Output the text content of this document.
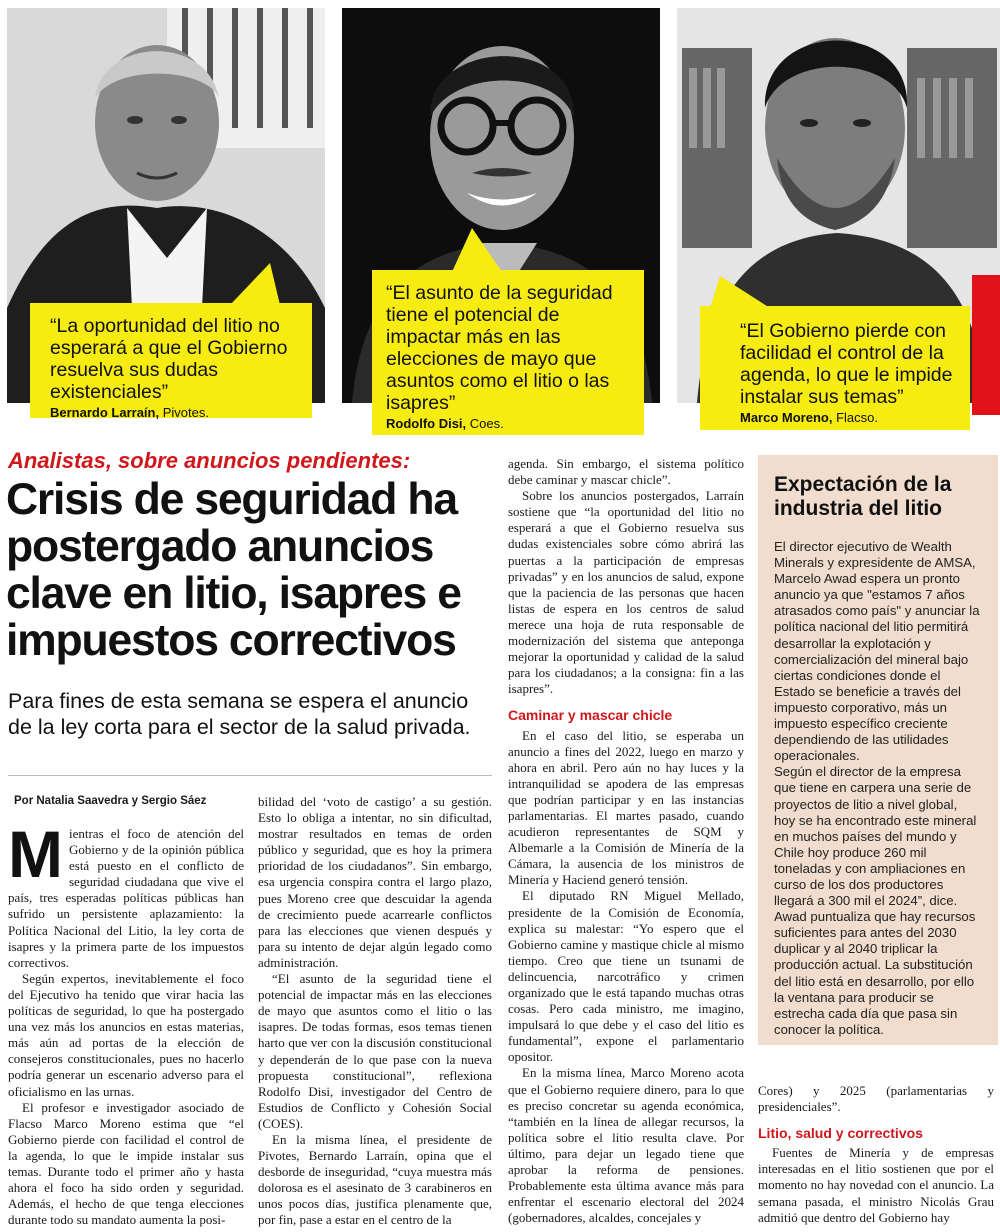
“La oportunidad del litio no esperará a que el Gobierno resuelva sus dudas existenciales”
Bernardo Larraín, Pivotes.
“El asunto de la seguridad tiene el potencial de impactar más en las elecciones de mayo que asuntos como el litio o las isapres”
Rodolfo Disi, Coes.
“El Gobierno pierde con facilidad el control de la agenda, lo que le impide instalar sus temas”
Marco Moreno, Flacso.
Analistas, sobre anuncios pendientes:
Crisis de seguridad ha postergado anuncios clave en litio, isapres e impuestos correctivos
Para fines de esta semana se espera el anuncio de la ley corta para el sector de la salud privada.
Por Natalia Saavedra y Sergio Sáez

Mientras el foco de atención del Gobierno y de la opinión pública está puesto en el conflicto de seguridad ciudadana que vive el país, tres esperadas políticas públicas han sufrido un persistente aplazamiento: la Política Nacional del Litio, la ley corta de isapres y la primera parte de los impuestos correctivos.

Según expertos, inevitablemente el foco del Ejecutivo ha tenido que virar hacia las políticas de seguridad, lo que ha postergado una vez más los anuncios en estas materias, más aún ad portas de la elección de consejeros constitucionales, pues no hacerlo podría generar un escenario adverso para el oficialismo en las urnas.

El profesor e investigador asociado de Flacso Marco Moreno estima que “el Gobierno pierde con facilidad el control de la agenda, lo que le impide instalar sus temas. Durante todo el primer año y hasta ahora el foco ha sido orden y seguridad. Además, el hecho de que tenga elecciones durante todo su mandato aumenta la posi-

bilidad del ‘voto de castigo’ a su gestión. Esto lo obliga a intentar, no sin dificultad, mostrar resultados en temas de orden público y seguridad, que es hoy la primera prioridad de los ciudadanos”. Sin embargo, esa urgencia conspira contra el largo plazo, pues Moreno cree que descuidar la agenda de crecimiento puede acarrearle conflictos para las elecciones que vienen después y para su intento de dejar algún legado como administración.

“El asunto de la seguridad tiene el potencial de impactar más en las elecciones de mayo que asuntos como el litio o las isapres. De todas formas, esos temas tienen harto que ver con la discusión constitucional y dependerán de lo que pase con la nueva propuesta constitucional”, reflexiona Rodolfo Disi, investigador del Centro de Estudios de Conflicto y Cohesión Social (COES).

En la misma línea, el presidente de Pivotes, Bernardo Larraín, opina que el desborde de inseguridad, “cuya muestra más dolorosa es el asesinato de 3 carabineros en unos pocos días, justifica plenamente que, por fin, pase a estar en el centro de la

agenda. Sin embargo, el sistema político debe caminar y mascar chicle”.

Sobre los anuncios postergados, Larraín sostiene que “la oportunidad del litio no esperará a que el Gobierno resuelva sus dudas existenciales sobre cómo abrirá las puertas a la participación de empresas privadas” y en los anuncios de salud, expone que la paciencia de las personas que hacen listas de espera en los centros de salud merece una hoja de ruta responsable de modernización del sistema que anteponga mejorar la oportunidad y calidad de la salud para los ciudadanos; a la consigna: fin a las isapres”.

Caminar y mascar chicle

En el caso del litio, se esperaba un anuncio a fines del 2022, luego en marzo y ahora en abril. Pero aún no hay luces y la intranquilidad se apodera de las empresas que podrían participar y en las instancias parlamentarias. El martes pasado, cuando acudieron representantes de SQM y Albemarle a la Comisión de Minería de la Cámara, la ausencia de los ministros de Minería y Haciend generó tensión.

El diputado RN Miguel Mellado, presidente de la Comisión de Economía, explica su malestar: “Yo espero que el Gobierno camine y mastique chicle al mismo tiempo. Creo que tiene un tsunami de delincuencia, narcotráfico y crimen organizado que le está tapando muchas otras cosas. Pero cada ministro, me imagino, impulsará lo que debe y el caso del litio es fundamental”, expone el parlamentario opositor.

En la misma línea, Marco Moreno acota que el Gobierno requiere dinero, para lo que es preciso concretar su agenda económica, “también en la línea de allegar recursos, la política sobre el litio resulta clave. Por último, para dejar un legado tiene que aprobar la reforma de pensiones. Probablemente esta última avance más para enfrentar el escenario electoral del 2024 (gobernadores, alcaldes, concejales y

Expectación de la industria del litio

El director ejecutivo de Wealth Minerals y expresidente de AMSA, Marcelo Awad espera un pronto anuncio ya que "estamos 7 años atrasados como país" y anunciar la política nacional del litio permitirá desarrollar la explotación y comercialización del mineral bajo ciertas condiciones donde el Estado se beneficie a través del impuesto corporativo, más un impuesto específico creciente dependiendo de las utilidades operacionales.

Según el director de la empresa que tiene en carpera una serie de proyectos de litio a nivel global, hoy se ha encontrado este mineral en muchos países del mundo y Chile hoy produce 260 mil toneladas y con ampliaciones en curso de los dos productores llegará a 300 mil el 2024”, dice.

Awad puntualiza que hay recursos suficientes para antes del 2030 duplicar y al 2040 triplicar la producción actual. La substitución del litio está en desarrollo, por ello la ventana para producir se estrecha cada día que pasa sin conocer la política.

Cores) y 2025 (parlamentarias y presidenciales”.

Litio, salud y correctivos

Fuentes de Minería y de empresas interesadas en el litio sostienen que por el momento no hay novedad con el anuncio. La semana pasada, el ministro Nicolás Grau admitió que dentro del Gobierno hay
